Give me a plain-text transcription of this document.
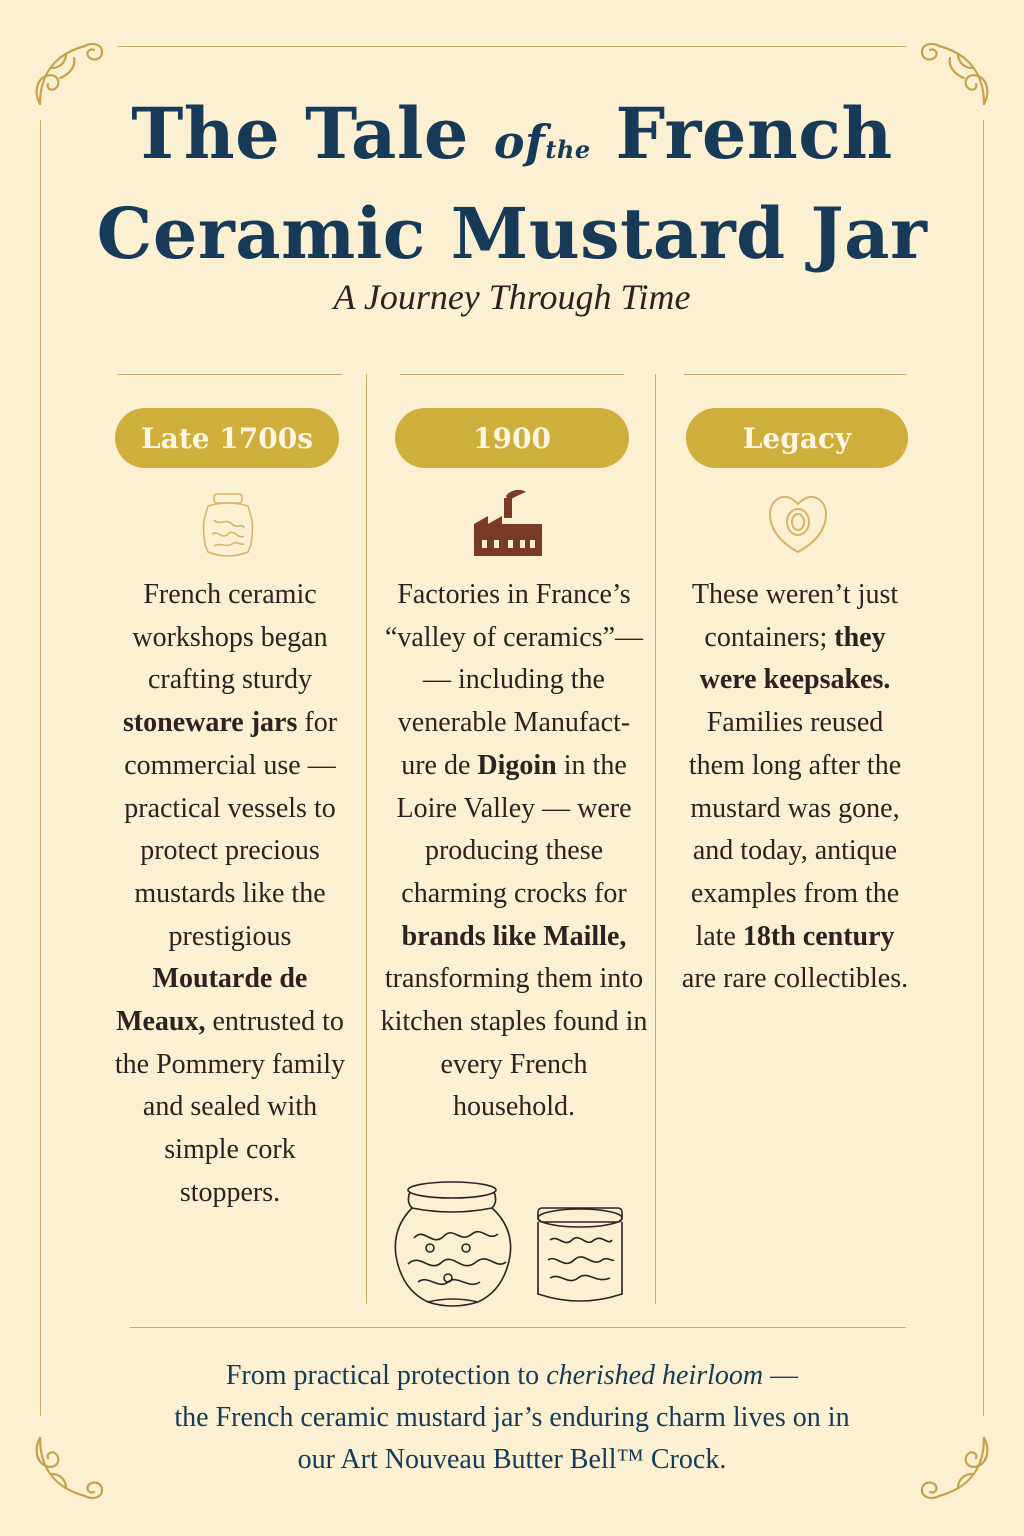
The Tale ofthe French
Ceramic Mustard Jar
A Journey Through Time
Late 1700s	1900	Legacy
French ceramic workshops began crafting sturdy stoneware jars for commercial use — practical vessels to protect precious mustards like the prestigious Moutarde de Meaux, entrusted to the Pommery family and sealed with simple cork stoppers.
Factories in France’s “valley of ceramics”— — including the venerable Manufact-ure de Digoin in the Loire Valley — were producing these charming crocks for brands like Maille, transforming them into kitchen staples found in every French household.
These weren’t just containers; they were keepsakes. Families reused them long after the mustard was gone, and today, antique examples from the late 18th century are rare collectibles.
From practical protection to cherished heirloom —
the French ceramic mustard jar’s enduring charm lives on in
our Art Nouveau Butter Bell™ Crock.
